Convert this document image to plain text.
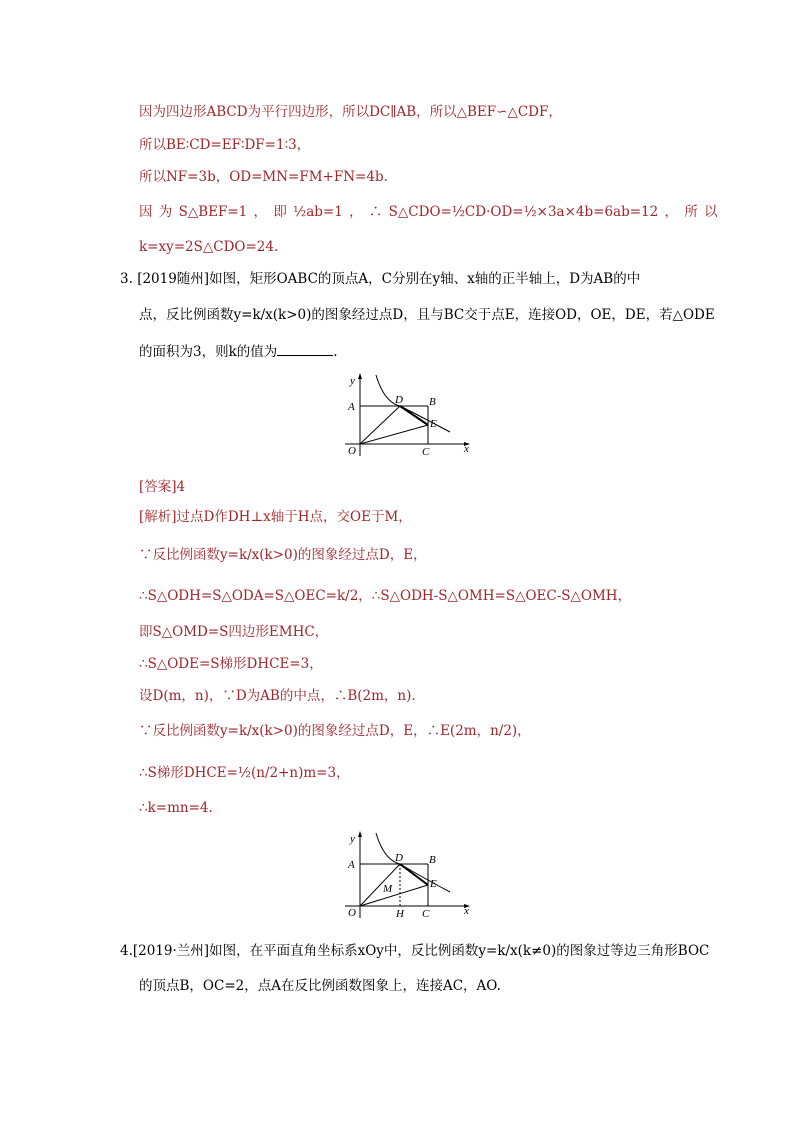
因为四边形ABCD为平行四边形，所以DC∥AB，所以△BEF∽△CDF，
所以BE∶CD=EF∶DF=1∶3，
所以NF=3b，OD=MN=FM+FN=4b.
因 为 S△BEF=1 ， 即 ½ab=1 ， ∴ S△CDO=½CD·OD=½×3a×4b=6ab=12 ， 所 以
k=xy=2S△CDO=24.
3. [2019随州]如图，矩形OABC的顶点A，C分别在y轴、x轴的正半轴上，D为AB的中
点，反比例函数y=k/x(k>0)的图象经过点D，且与BC交于点E，连接OD，OE，DE，若△ODE
的面积为3，则k的值为	.
y
A
D B
E
O	C	x
[答案]4
[解析]过点D作DH⊥x轴于H点，交OE于M，
∵反比例函数y=k/x(k>0)的图象经过点D，E，
∴S△ODH=S△ODA=S△OEC=k/2，∴S△ODH-S△OMH=S△OEC-S△OMH，
即S△OMD=S四边形EMHC，
∴S△ODE=S梯形DHCE=3，
设D(m，n)，∵D为AB的中点，∴B(2m，n).
∵反比例函数y=k/x(k>0)的图象经过点D，E，∴E(2m，n/2)，
∴S梯形DHCE=½(n/2+n)m=3，
∴k=mn=4.
y
A
D B
M	E
O	H C	x
4.[2019·兰州]如图，在平面直角坐标系xOy中，反比例函数y=k/x(k≠0)的图象过等边三角形BOC
的顶点B，OC=2，点A在反比例函数图象上，连接AC，AO.
